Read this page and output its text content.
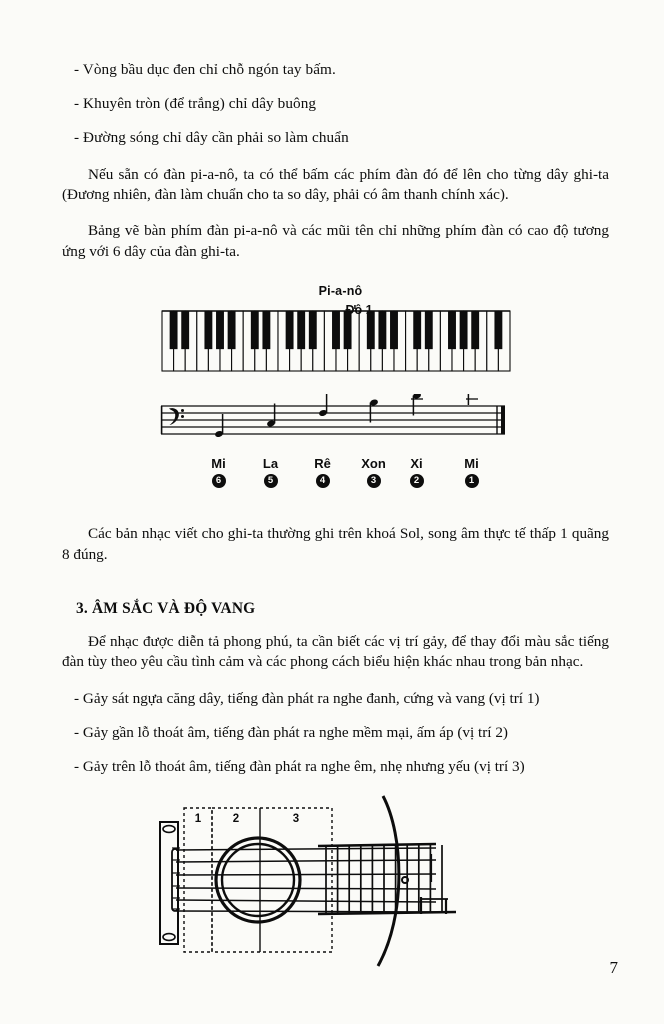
- Vòng bầu dục đen chỉ chỗ ngón tay bấm.

- Khuyên tròn (để trắng) chỉ dây buông

- Đường sóng chỉ dây cần phải so làm chuẩn

Nếu sẵn có đàn pi-a-nô, ta có thể bấm các phím đàn đó để lên cho từng dây ghi-ta (Đương nhiên, đàn làm chuẩn cho ta so dây, phải có âm thanh chính xác).

Bảng vẽ bàn phím đàn pi-a-nô và các mũi tên chỉ những phím đàn có cao độ tương ứng với 6 dây của đàn ghi-ta.

Pi-a-nô
Đô 1
Mi	La	Rê Xon Xi	Mi
6	5	4	3	2	1

Các bản nhạc viết cho ghi-ta thường ghi trên khoá Sol, song âm thực tế thấp 1 quãng 8 đúng.

3. ÂM SẮC VÀ ĐỘ VANG

Để nhạc được diễn tả phong phú, ta cần biết các vị trí gảy, để thay đổi màu sắc tiếng đàn tùy theo yêu cầu tình cảm và các phong cách biểu hiện khác nhau trong bản nhạc.

- Gảy sát ngựa căng dây, tiếng đàn phát ra nghe đanh, cứng và vang (vị trí 1)

- Gảy gần lỗ thoát âm, tiếng đàn phát ra nghe mềm mại, ấm áp (vị trí 2)

- Gảy trên lỗ thoát âm, tiếng đàn phát ra nghe êm, nhẹ nhưng yếu (vị trí 3)

1	2	3
7
